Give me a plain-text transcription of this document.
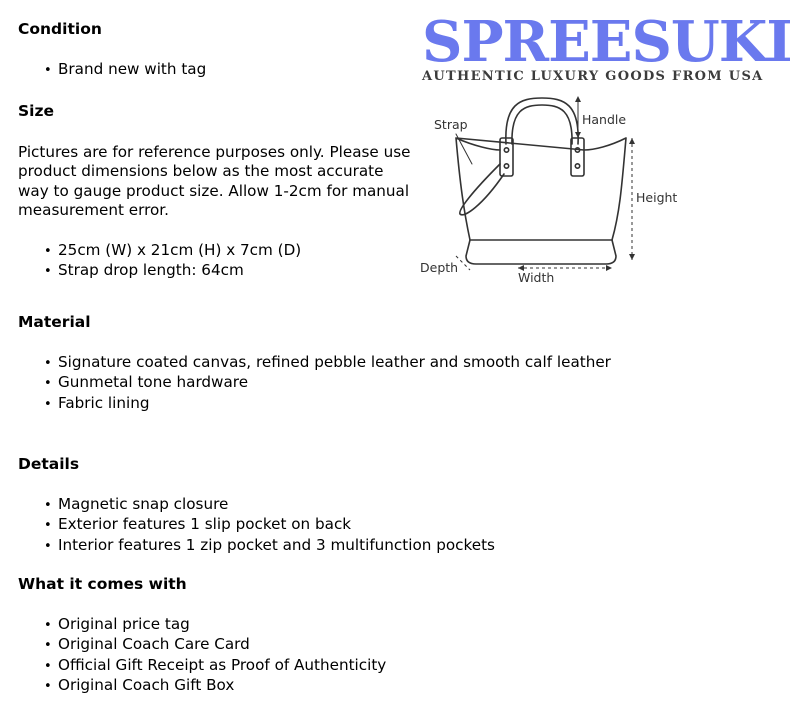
Condition
• Brand new with tag
Size

Pictures are for reference purposes only. Please use product dimensions below as the most accurate way to gauge product size. Allow 1-2cm for manual measurement error.

• 25cm (W) x 21cm (H) x 7cm (D)
• Strap drop length: 64cm
Material
• Signature coated canvas, refined pebble leather and smooth calf leather
• Gunmetal tone hardware
• Fabric lining
Details
• Magnetic snap closure
• Exterior features 1 slip pocket on back
• Interior features 1 zip pocket and 3 multifunction pockets
What it comes with
• Original price tag
• Original Coach Care Card
• Official Gift Receipt as Proof of Authenticity
• Original Coach Gift Box
SPREESUKI
AUTHENTIC LUXURY GOODS FROM USA
Strap	Handle
Height
Depth
Width
